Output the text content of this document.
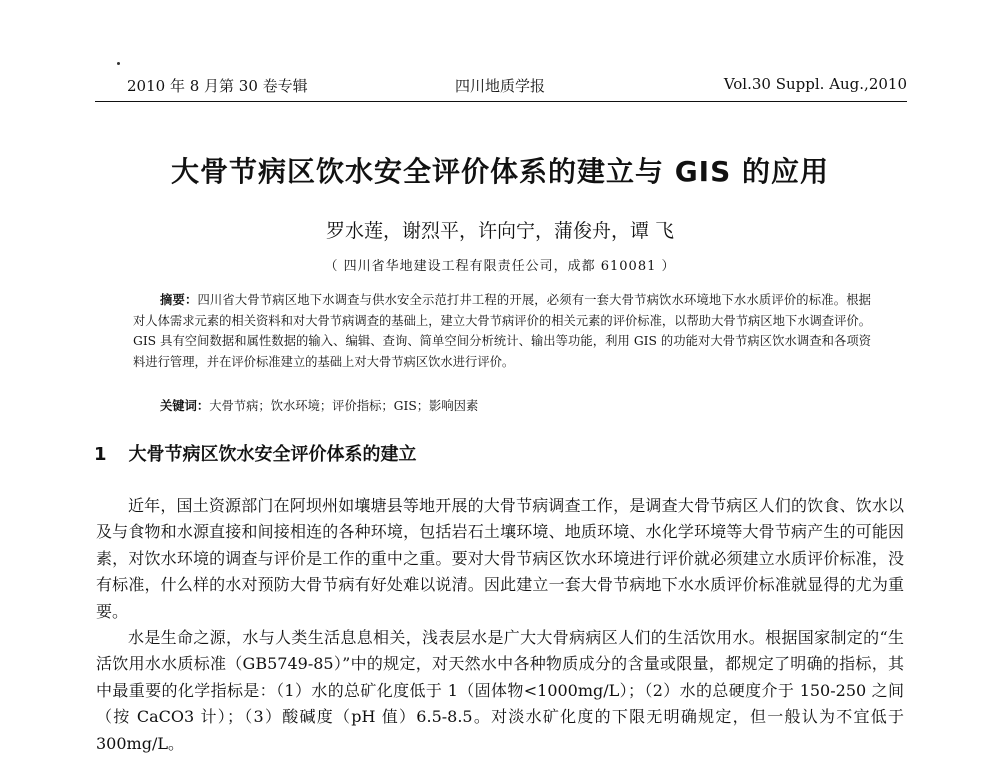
2010 年 8 月第 30 卷专辑	四川地质学报	Vol.30 Suppl. Aug.,2010
大骨节病区饮水安全评价体系的建立与 GIS 的应用
罗水莲，谢烈平，许向宁，蒲俊舟，谭 飞
（ 四川省华地建设工程有限责任公司，成都 610081 ）

摘要：四川省大骨节病区地下水调查与供水安全示范打井工程的开展，必须有一套大骨节病饮水环境地下水水质评价的标准。根据对人体需求元素的相关资料和对大骨节病调查的基础上，建立大骨节病评价的相关元素的评价标准，以帮助大骨节病区地下水调查评价。GIS 具有空间数据和属性数据的输入、编辑、查询、简单空间分析统计、输出等功能，利用 GIS 的功能对大骨节病区饮水调查和各项资料进行管理，并在评价标准建立的基础上对大骨节病区饮水进行评价。

关键词：大骨节病；饮水环境；评价指标；GIS；影响因素
1 大骨节病区饮水安全评价体系的建立

近年，国土资源部门在阿坝州如壤塘县等地开展的大骨节病调查工作，是调查大骨节病区人们的饮食、饮水以及与食物和水源直接和间接相连的各种环境，包括岩石土壤环境、地质环境、水化学环境等大骨节病产生的可能因素，对饮水环境的调查与评价是工作的重中之重。要对大骨节病区饮水环境进行评价就必须建立水质评价标准，没有标准，什么样的水对预防大骨节病有好处难以说清。因此建立一套大骨节病地下水水质评价标准就显得的尤为重要。

水是生命之源，水与人类生活息息相关，浅表层水是广大大骨病病区人们的生活饮用水。根据国家制定的“生活饮用水水质标准（GB5749-85）”中的规定，对天然水中各种物质成分的含量或限量，都规定了明确的指标，其中最重要的化学指标是：（1）水的总矿化度低于 1（固体物<1000mg/L）；（2）水的总硬度介于 150-250 之间（按 CaCO3 计）；（3）酸碱度（pH 值）6.5-8.5。对淡水矿化度的下限无明确规定，但一般认为不宜低于 300mg/L。
